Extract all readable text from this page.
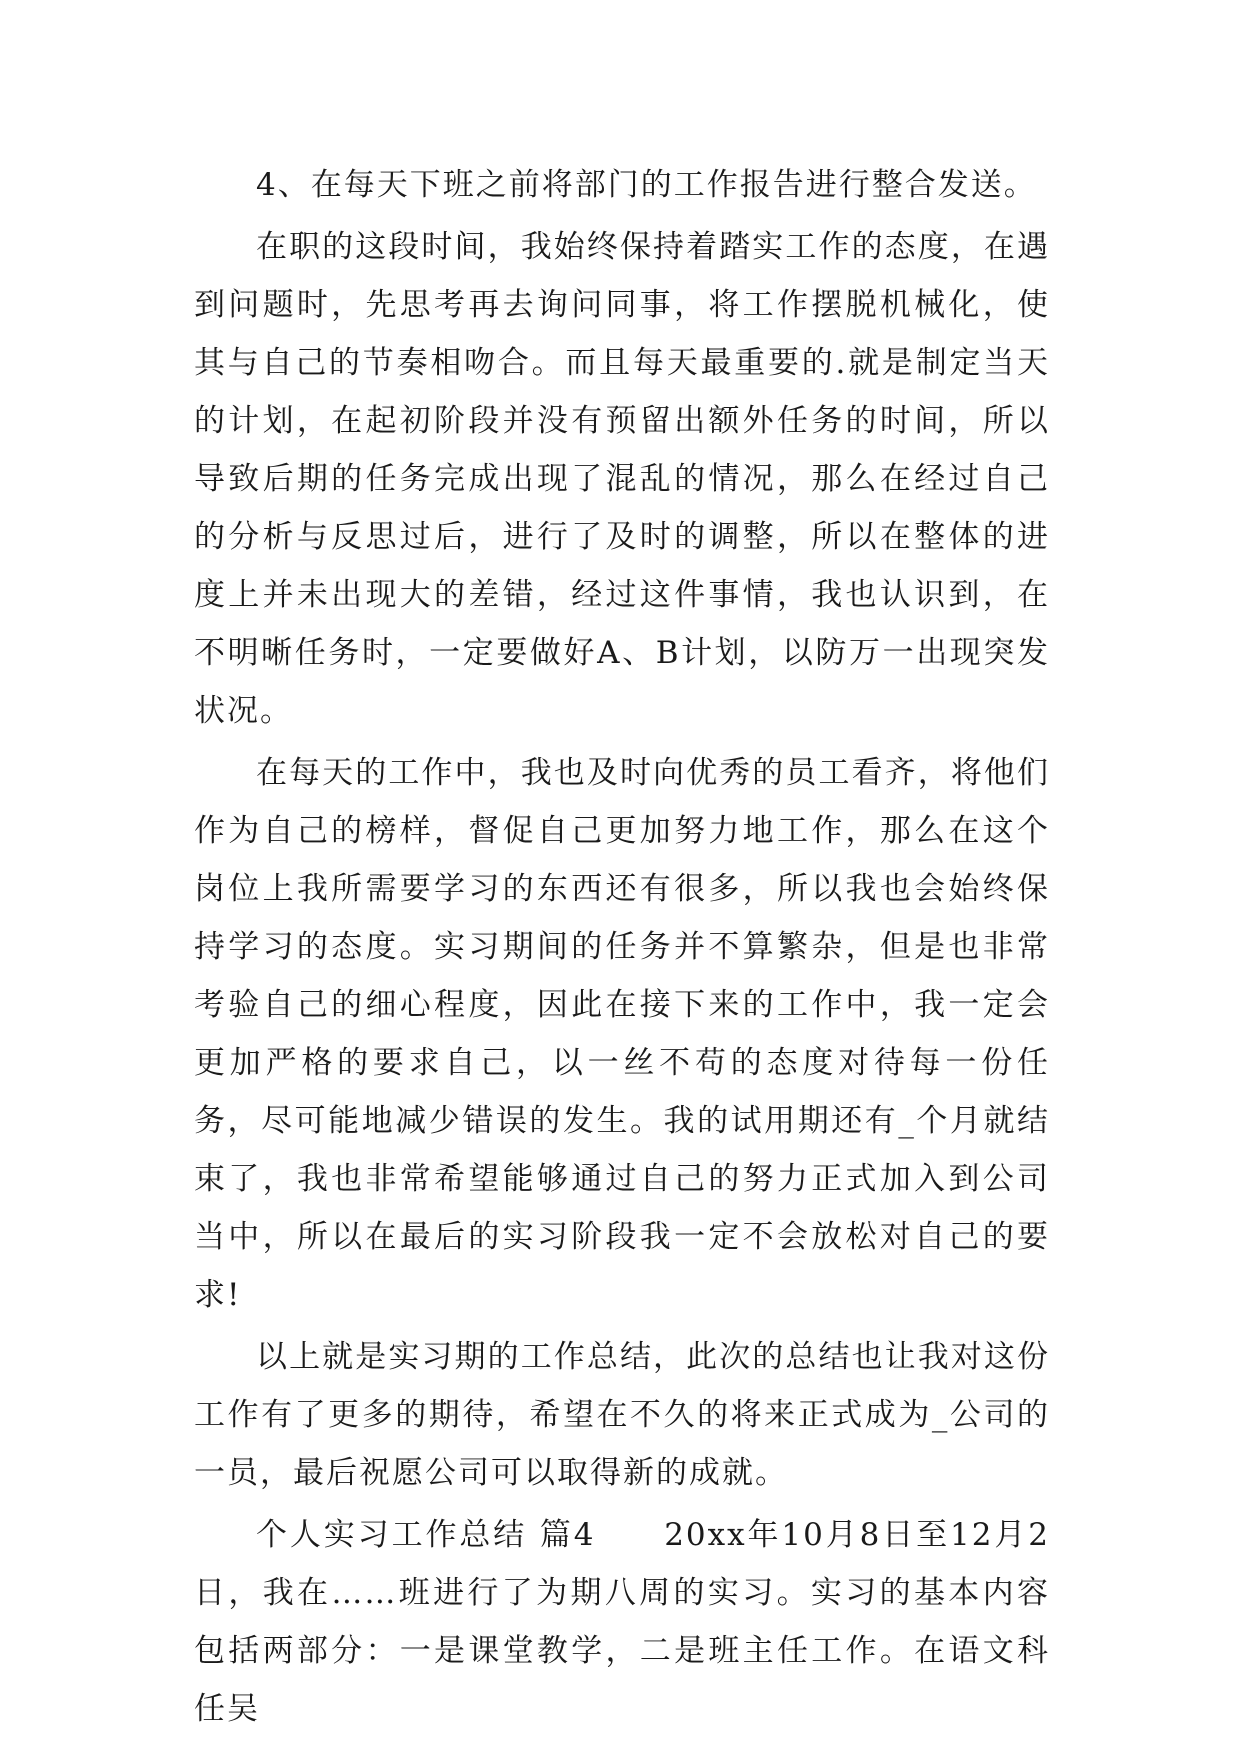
4、在每天下班之前将部门的工作报告进行整合发送。

在职的这段时间，我始终保持着踏实工作的态度，在遇到问题时，先思考再去询问同事，将工作摆脱机械化，使其与自己的节奏相吻合。而且每天最重要的.就是制定当天的计划，在起初阶段并没有预留出额外任务的时间，所以导致后期的任务完成出现了混乱的情况，那么在经过自己的分析与反思过后，进行了及时的调整，所以在整体的进度上并未出现大的差错，经过这件事情，我也认识到，在不明晰任务时，一定要做好A、B计划，以防万一出现突发状况。

在每天的工作中，我也及时向优秀的员工看齐，将他们作为自己的榜样，督促自己更加努力地工作，那么在这个岗位上我所需要学习的东西还有很多，所以我也会始终保持学习的态度。实习期间的任务并不算繁杂，但是也非常考验自己的细心程度，因此在接下来的工作中，我一定会更加严格的要求自己，以一丝不苟的态度对待每一份任务，尽可能地减少错误的发生。我的试用期还有_个月就结束了，我也非常希望能够通过自己的努力正式加入到公司当中，所以在最后的实习阶段我一定不会放松对自己的要求!

以上就是实习期的工作总结，此次的总结也让我对这份工作有了更多的期待，希望在不久的将来正式成为_公司的一员，最后祝愿公司可以取得新的成就。

个人实习工作总结 篇4　　20xx年10月8日至12月2日，我在……班进行了为期八周的实习。实习的基本内容包括两部分：一是课堂教学，二是班主任工作。在语文科任吴
